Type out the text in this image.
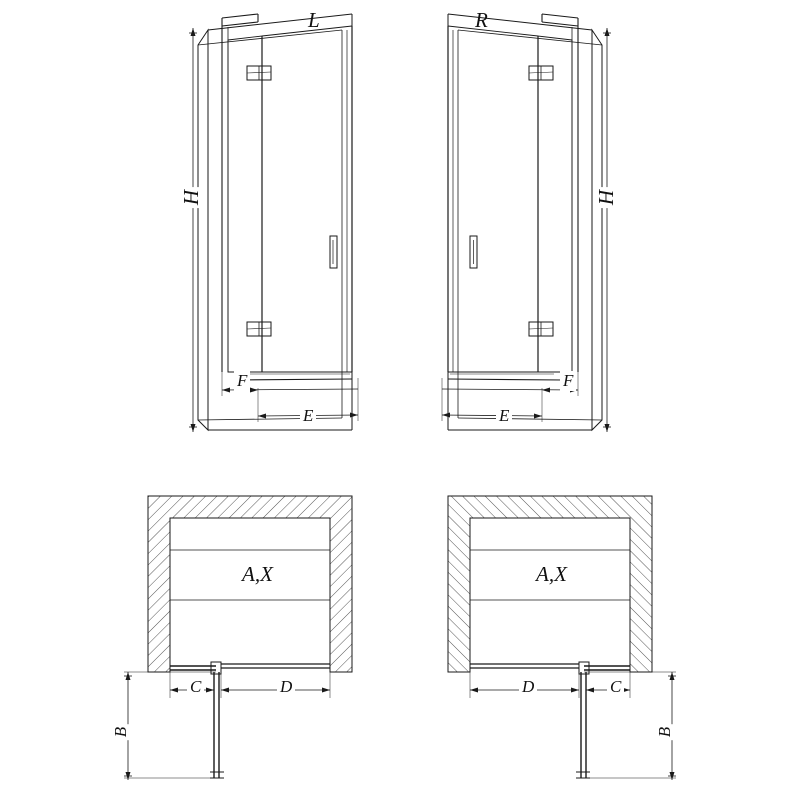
L	R
H	H
F
E
F
E
A,X	A,X
C	D	C
D
B	B
